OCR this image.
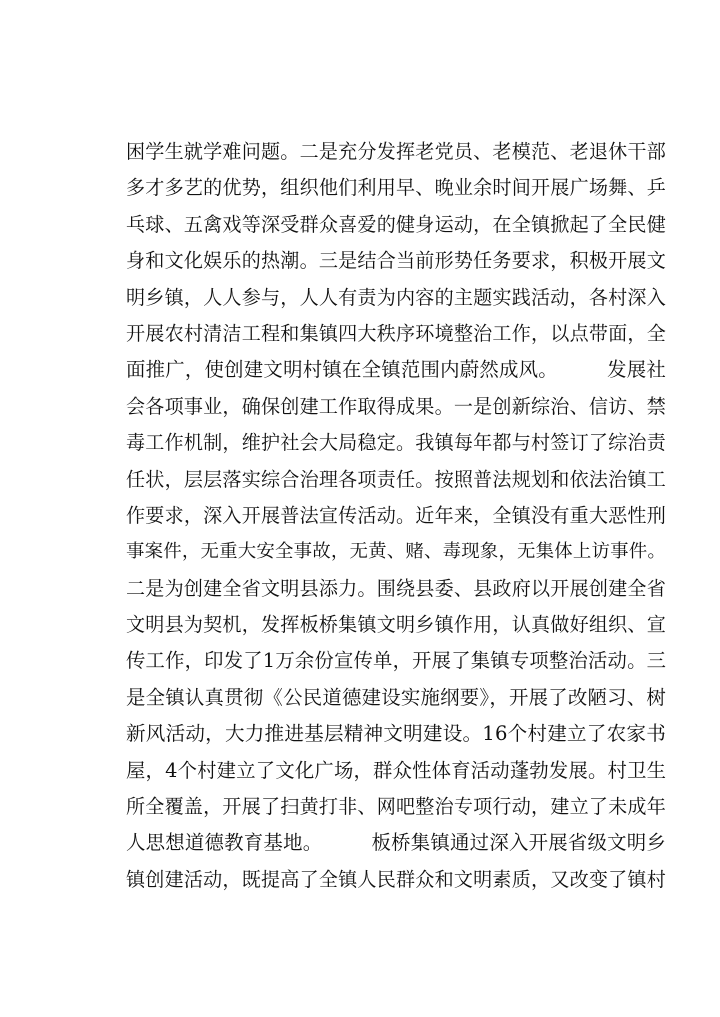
困学生就学难问题。二是充分发挥老党员、老模范、老退休干部
多才多艺的优势，组织他们利用早、晚业余时间开展广场舞、乒
乓球、五禽戏等深受群众喜爱的健身运动，在全镇掀起了全民健
身和文化娱乐的热潮。三是结合当前形势任务要求，积极开展文
明乡镇，人人参与，人人有责为内容的主题实践活动，各村深入
开展农村清洁工程和集镇四大秩序环境整治工作，以点带面，全
面推广，使创建文明村镇在全镇范围内蔚然成风。　　　发展社
会各项事业，确保创建工作取得成果。一是创新综治、信访、禁
毒工作机制，维护社会大局稳定。我镇每年都与村签订了综治责
任状，层层落实综合治理各项责任。按照普法规划和依法治镇工
作要求，深入开展普法宣传活动。近年来，全镇没有重大恶性刑
事案件，无重大安全事故，无黄、赌、毒现象，无集体上访事件。
二是为创建全省文明县添力。围绕县委、县政府以开展创建全省
文明县为契机，发挥板桥集镇文明乡镇作用，认真做好组织、宣
传工作，印发了1万余份宣传单，开展了集镇专项整治活动。三
是全镇认真贯彻《公民道德建设实施纲要》，开展了改陋习、树
新风活动，大力推进基层精神文明建设。16个村建立了农家书
屋，4个村建立了文化广场，群众性体育活动蓬勃发展。村卫生
所全覆盖，开展了扫黄打非、网吧整治专项行动，建立了未成年
人思想道德教育基地。　　　板桥集镇通过深入开展省级文明乡
镇创建活动，既提高了全镇人民群众和文明素质，又改变了镇村
